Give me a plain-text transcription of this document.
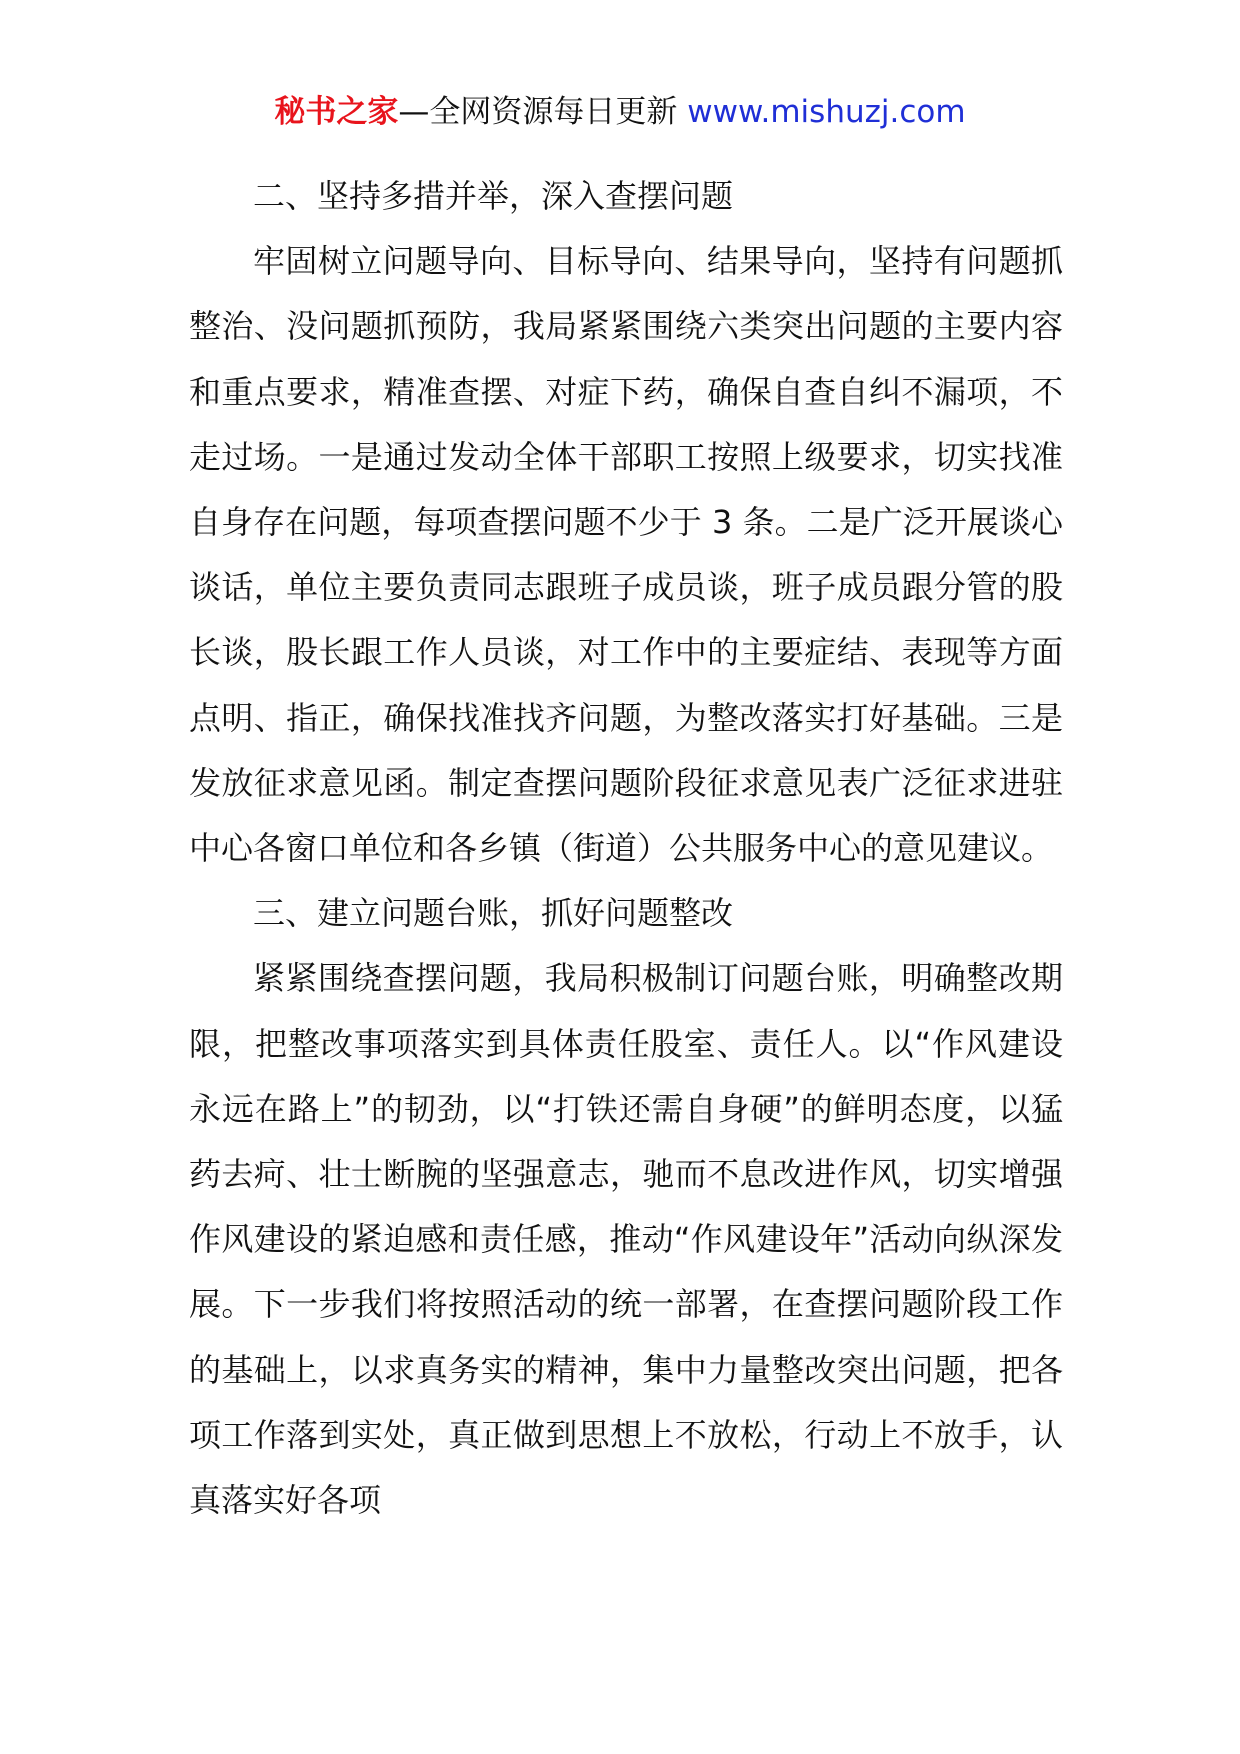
秘书之家—全网资源每日更新 www.mishuzj.com

二、坚持多措并举，深入查摆问题

牢固树立问题导向、目标导向、结果导向，坚持有问题抓整治、没问题抓预防，我局紧紧围绕六类突出问题的主要内容和重点要求，精准查摆、对症下药，确保自查自纠不漏项，不走过场。一是通过发动全体干部职工按照上级要求，切实找准自身存在问题，每项查摆问题不少于 3 条。二是广泛开展谈心谈话，单位主要负责同志跟班子成员谈，班子成员跟分管的股长谈，股长跟工作人员谈，对工作中的主要症结、表现等方面点明、指正，确保找准找齐问题，为整改落实打好基础。三是发放征求意见函。制定查摆问题阶段征求意见表广泛征求进驻中心各窗口单位和各乡镇（街道）公共服务中心的意见建议。

三、建立问题台账，抓好问题整改

紧紧围绕查摆问题，我局积极制订问题台账，明确整改期限，把整改事项落实到具体责任股室、责任人。以“作风建设永远在路上”的韧劲，以“打铁还需自身硬”的鲜明态度，以猛药去疴、壮士断腕的坚强意志，驰而不息改进作风，切实增强作风建设的紧迫感和责任感，推动“作风建设年”活动向纵深发展。下一步我们将按照活动的统一部署，在查摆问题阶段工作的基础上，以求真务实的精神，集中力量整改突出问题，把各项工作落到实处，真正做到思想上不放松，行动上不放手，认真落实好各项
